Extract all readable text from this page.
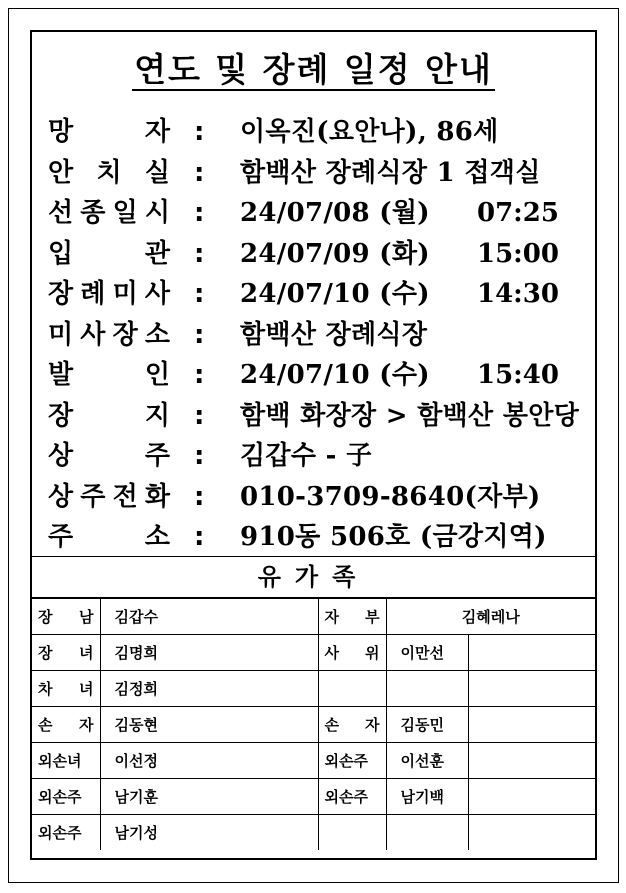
연도 및 장례 일정 안내
망	자 : 이옥진(요안나), 86세
안 치 실 : 함백산 장례식장 1 접객실
선 종 일 시 : 24/07/08 (월) 07:25
입	관 : 24/07/09 (화) 15:00
장 례 미 사 : 24/07/10 (수) 14:30
미 사 장 소 : 함백산 장례식장
발	인 : 24/07/10 (수) 15:40
장	지 : 함백 화장장 > 함백산 봉안당
상	주 : 김갑수 - 子
상 주 전 화 : 010-3709-8640(자부)
주	소 : 910동 506호 (금강지역)
유가족
장 남	김갑수	자 부	김혜레나	
장 녀	김명희	사 위	이만선	
차 녀	김정희			
손 자	김동현	손 자	김동민	
외손녀	이선정	외손주	이선훈	
외손주	남기훈	외손주	남기백	
외손주	남기성			
